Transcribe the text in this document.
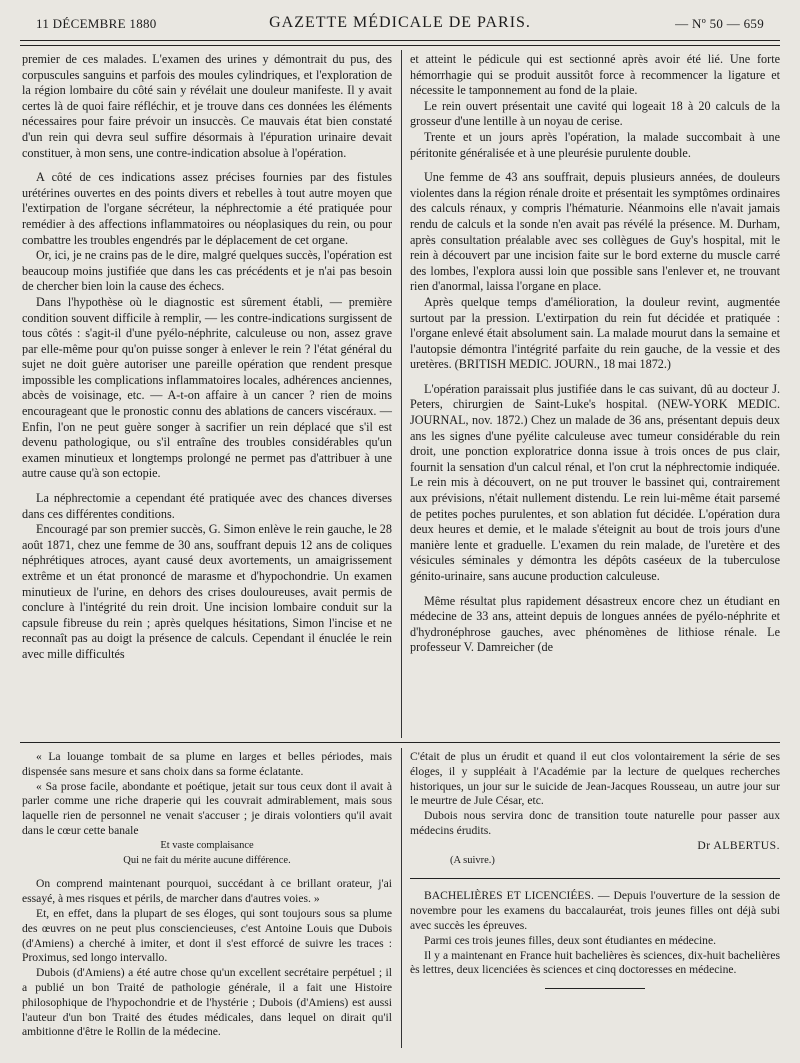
11 DÉCEMBRE 1880	GAZETTE MÉDICALE DE PARIS.	— Nº 50 — 659

premier de ces malades. L'examen des urines y démontrait du pus, des corpuscules sanguins et parfois des moules cylindriques, et l'exploration de la région lombaire du côté sain y révélait une douleur manifeste. Il y avait certes là de quoi faire réfléchir, et je trouve dans ces données les éléments nécessaires pour faire prévoir un insuccès. Ce mauvais état bien constaté d'un rein qui devra seul suffire désormais à l'épuration urinaire devait constituer, à mon sens, une contre-indication absolue à l'opération.

A côté de ces indications assez précises fournies par des fistules urétérines ouvertes en des points divers et rebelles à tout autre moyen que l'extirpation de l'organe sécréteur, la néphrectomie a été pratiquée pour remédier à des affections inflammatoires ou néoplasiques du rein, ou pour combattre les troubles engendrés par le déplacement de cet organe.

Or, ici, je ne crains pas de le dire, malgré quelques succès, l'opération est beaucoup moins justifiée que dans les cas précédents et je n'ai pas besoin de chercher bien loin la cause des échecs.

Dans l'hypothèse où le diagnostic est sûrement établi, — première condition souvent difficile à remplir, — les contre-indications surgissent de tous côtés : s'agit-il d'une pyélo-néphrite, calculeuse ou non, assez grave par elle-même pour qu'on puisse songer à enlever le rein ? l'état général du sujet ne doit guère autoriser une pareille opération que rendent presque impossible les complications inflammatoires locales, adhérences anciennes, abcès de voisinage, etc. — A-t-on affaire à un cancer ? rien de moins encourageant que le pronostic connu des ablations de cancers viscéraux. — Enfin, l'on ne peut guère songer à sacrifier un rein déplacé que s'il est devenu pathologique, ou s'il entraîne des troubles considérables qu'un examen minutieux et longtemps prolongé ne permet pas d'attribuer à une autre cause qu'à son ectopie.

La néphrectomie a cependant été pratiquée avec des chances diverses dans ces différentes conditions.

Encouragé par son premier succès, G. Simon enlève le rein gauche, le 28 août 1871, chez une femme de 30 ans, souffrant depuis 12 ans de coliques néphrétiques atroces, ayant causé deux avortements, un amaigrissement extrême et un état prononcé de marasme et d'hypochondrie. Un examen minutieux de l'urine, en dehors des crises douloureuses, avait permis de conclure à l'intégrité du rein droit. Une incision lombaire conduit sur la capsule fibreuse du rein ; après quelques hésitations, Simon l'incise et ne reconnaît pas au doigt la présence de calculs. Cependant il énuclée le rein avec mille difficultés

et atteint le pédicule qui est sectionné après avoir été lié. Une forte hémorrhagie qui se produit aussitôt force à recommencer la ligature et nécessite le tamponnement au fond de la plaie.

Le rein ouvert présentait une cavité qui logeait 18 à 20 calculs de la grosseur d'une lentille à un noyau de cerise.

Trente et un jours après l'opération, la malade succombait à une péritonite généralisée et à une pleurésie purulente double.

Une femme de 43 ans souffrait, depuis plusieurs années, de douleurs violentes dans la région rénale droite et présentait les symptômes ordinaires des calculs rénaux, y compris l'hématurie. Néanmoins elle n'avait jamais rendu de calculs et la sonde n'en avait pas révélé la présence. M. Durham, après consultation préalable avec ses collègues de Guy's hospital, mit le rein à découvert par une incision faite sur le bord externe du muscle carré des lombes, l'explora aussi loin que possible sans l'enlever et, ne trouvant rien d'anormal, laissa l'organe en place.

Après quelque temps d'amélioration, la douleur revint, augmentée surtout par la pression. L'extirpation du rein fut décidée et pratiquée : l'organe enlevé était absolument sain. La malade mourut dans la semaine et l'autopsie démontra l'intégrité parfaite du rein gauche, de la vessie et des uretères. (BRITISH MEDIC. JOURN., 18 mai 1872.)

L'opération paraissait plus justifiée dans le cas suivant, dû au docteur J. Peters, chirurgien de Saint-Luke's hospital. (NEW-YORK MEDIC. JOURNAL, nov. 1872.) Chez un malade de 36 ans, présentant depuis deux ans les signes d'une pyélite calculeuse avec tumeur considérable du rein droit, une ponction exploratrice donna issue à trois onces de pus clair, fournit la sensation d'un calcul rénal, et l'on crut la néphrectomie indiquée. Le rein mis à découvert, on ne put trouver le bassinet qui, contrairement aux prévisions, n'était nullement distendu. Le rein lui-même était parsemé de petites poches purulentes, et son ablation fut décidée. L'opération dura deux heures et demie, et le malade s'éteignit au bout de trois jours d'une manière lente et graduelle. L'examen du rein malade, de l'uretère et des vésicules séminales y démontra les dépôts caséeux de la tuberculose génito-urinaire, sans aucune production calculeuse.

Même résultat plus rapidement désastreux encore chez un étudiant en médecine de 33 ans, atteint depuis de longues années de pyélo-néphrite et d'hydronéphrose gauches, avec phénomènes de lithiose rénale. Le professeur V. Damreicher (de

« La louange tombait de sa plume en larges et belles périodes, mais dispensée sans mesure et sans choix dans sa forme éclatante.

« Sa prose facile, abondante et poétique, jetait sur tous ceux dont il avait à parler comme une riche draperie qui les couvrait admirablement, mais sous laquelle rien de personnel ne venait s'accuser ; je dirais volontiers qu'il avait dans le cœur cette banale

Et vaste complaisance

Qui ne fait du mérite aucune différence.

On comprend maintenant pourquoi, succédant à ce brillant orateur, j'ai essayé, à mes risques et périls, de marcher dans d'autres voies. »

Et, en effet, dans la plupart de ses éloges, qui sont toujours sous sa plume des œuvres on ne peut plus consciencieuses, c'est Antoine Louis que Dubois (d'Amiens) a cherché à imiter, et dont il s'est efforcé de suivre les traces : Proximus, sed longo intervallo.

Dubois (d'Amiens) a été autre chose qu'un excellent secrétaire perpétuel ; il a publié un bon Traité de pathologie générale, il a fait une Histoire philosophique de l'hypochondrie et de l'hystérie ; Dubois (d'Amiens) est aussi l'auteur d'un bon Traité des études médicales, dans lequel on dirait qu'il ambitionne d'être le Rollin de la médecine.

C'était de plus un érudit et quand il eut clos volontairement la série de ses éloges, il y suppléait à l'Académie par la lecture de quelques recherches historiques, un jour sur le suicide de Jean-Jacques Rousseau, un autre jour sur le meurtre de Jule César, etc.

Dubois nous servira donc de transition toute naturelle pour passer aux médecins érudits.

Dr ALBERTUS.

(A suivre.)

BACHELIÈRES ET LICENCIÉES. — Depuis l'ouverture de la session de novembre pour les examens du baccalauréat, trois jeunes filles ont déjà subi avec succès les épreuves.

Parmi ces trois jeunes filles, deux sont étudiantes en médecine.

Il y a maintenant en France huit bachelières ès sciences, dix-huit bachelières ès lettres, deux licenciées ès sciences et cinq doctoresses en médecine.
